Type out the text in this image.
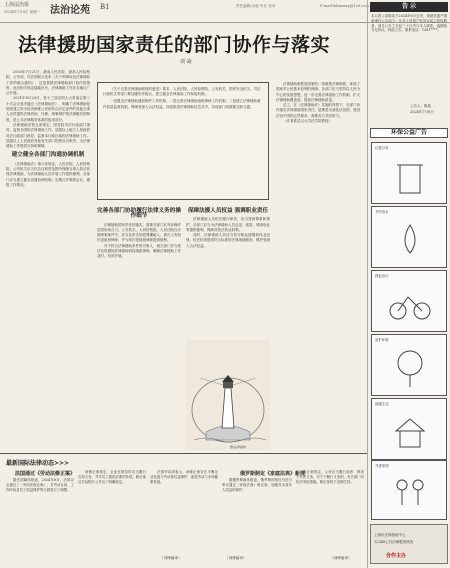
上海法治报
2024年7月8日 星期一 法治论苑 B1	责任编辑/余毅 朱非 张卓	E-mail:fzbzmzxy@126.com
法律援助国家责任的部门协作与落实
项 焱

2003年7月21日，最高人民法院、最高人民检察院、公安部、司法部联合发布《关于刑事诉讼法律援助工作的联合通知》，这是我国法律援助部门协作的雏形，此后相关规定陆续出台，法律援助工作在各地区广泛开展。

2021年8月20日，第十三届全国人大常委会第三十次会议表决通过《法律援助法》，明确了法律援助是国家建立的为经济困难公民和符合法定条件的其他当事人无偿提供法律咨询、代理、刑事辩护等法律服务的制度，是公共法律服务体系的组成部分。

法律援助法第五条规定，国务院司法行政部门指导、监督全国的法律援助工作。县级以上地方人民政府司法行政部门指导、监督本行政区域的法律援助工作。县级以上人民政府其他有关部门依照各自职责，为法律援助工作提供支持和保障。

建立健全各部门沟通协调机制

《法律援助法》第六条规定，人民法院、人民检察院、公安机关应当在各自职责范围内保障当事人依法获得法律援助，为法律援助人员开展工作提供便利。各部门应当建立健全沟通协调机制，定期召开联席会议，通报工作情况。

《关于完善法律援助制度的意见》要求，人民法院、人民检察院、公安机关、国家安全机关、司法行政机关等部门要加强协作配合，建立健全法律援助工作衔接机制。

一是健全法律援助通知辩护工作机制。二是完善法律援助值班律师工作机制。三是建立法律援助案件质量监督机制，保障受援人合法权益。四是推进法律援助信息共享，实现部门间数据互联互通。

完善各部门协助履行法律义务的操作细节

法律援助国家责任的落实，需要各部门在具体操作层面形成合力。公安机关、人民检察院、人民法院在办理刑事案件中，应当及时告知犯罪嫌疑人、被告人有权约见值班律师，并为其约见值班律师提供便利。

对于符合法律援助条件的当事人，相关部门应当依法及时通知法律援助机构指派律师，确保法律援助工作及时、有效开展。

保障法援人员权益 强调职业责任

法律援助人员依法履行职责，应当受到尊重和保护。各部门应当为法律援助人员会见、阅卷、调查取证等提供便利，保障其依法执业权利。

同时，法律援助人员应当恪守职业道德和执业纪律，依法依规提供符合标准的法律援助服务，维护受援人合法权益。

图/法律援助

法律援助制度是国家的一项重要法律制度，体现了国家对公民基本权利的保障。各部门应当坚持以人民为中心的发展思想，进一步完善法律援助工作机制，扩大法律援助覆盖面，提高法律援助质量。

总之，在《法律援助法》实施的背景下，各部门协作落实法律援助国家责任，是推进全面依法治国、建设法治中国的必然要求，需要各方共同努力。

（作者系武汉大学法学院教授）

告 示
本人的父亲陈某于2024年6月去世，现就其遗产继承事宜公告如下：凡对上述遗产有异议或主张权利者，请自公告之日起三十日内与本人联系，逾期视为无异议。特此公告。联系电话：1381****。
公告人：陈某
2024年7月8日
环保公益广告
垃圾分类
节约用水
绿色出行
爱护环境
低碳生活
共建家园
最新国际法律动态>>>
法国通过《劳动法修正案》	俄罗斯制定《家庭法典》新规

据法国媒体报道，2024年6月，法国议会通过了《劳动法修正案》，对劳动合同、工作时间及员工权益保护等方面进行了调整。

该修正案规定，企业在裁员时应当履行告知义务，并对员工提供必要的补偿。修正案还对远程办公作出了明确规定。

法国劳动部表示，该修正案旨在平衡企业发展与劳动者权益保护，促进劳动力市场健康发展。	据俄罗斯媒体报道，俄罗斯国家杜马近日审议通过《家庭法典》修正案，加强对未成年人权益的保护。

修正案规定，父母应当履行抚养、教育子女的义务，对于不履行义务的，有关部门可依法采取措施。修正案将于近期生效。

（刘博编译）	（刘博编译）	（刘博编译）
上海市法律援助中心
12348公共法律服务热线
合作主办
